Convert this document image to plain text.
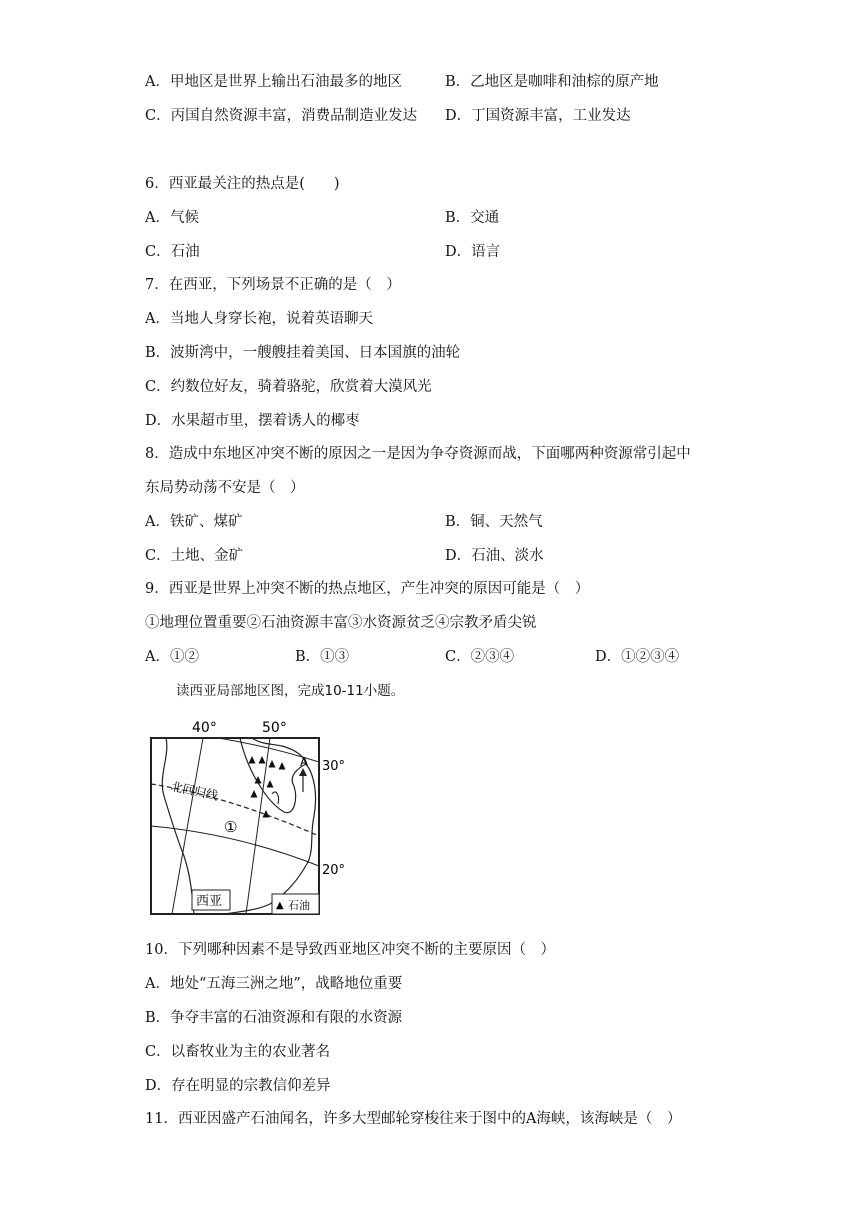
A．甲地区是世界上输出石油最多的地区	B．乙地区是咖啡和油棕的原产地
C．丙国自然资源丰富，消费品制造业发达 D．丁国资源丰富，工业发达
6．西亚最关注的热点是(　　)
A．气候	B．交通
C．石油	D．语言
7．在西亚，下列场景不正确的是（　）
A．当地人身穿长袍，说着英语聊天
B．波斯湾中，一艘艘挂着美国、日本国旗的油轮
C．约数位好友，骑着骆驼，欣赏着大漠风光
D．水果超市里，摆着诱人的椰枣
8．造成中东地区冲突不断的原因之一是因为争夺资源而战，下面哪两种资源常引起中
东局势动荡不安是（　）
A．铁矿、煤矿	B．铜、天然气
C．土地、金矿	D．石油、淡水
9．西亚是世界上冲突不断的热点地区，产生冲突的原因可能是（　）
①地理位置重要②石油资源丰富③水资源贫乏④宗教矛盾尖锐
A．①②	B．①③	C．②③④	D．①②③④
读西亚局部地区图，完成10-11小题。
40°	50°
30°
20°
北回归线
A
①
西亚	▲ 石油
10．下列哪种因素不是导致西亚地区冲突不断的主要原因（　）
A．地处“五海三洲之地”，战略地位重要
B．争夺丰富的石油资源和有限的水资源
C．以畜牧业为主的农业著名
D．存在明显的宗教信仰差异
11．西亚因盛产石油闻名，许多大型邮轮穿梭往来于图中的A海峡，该海峡是（　）
